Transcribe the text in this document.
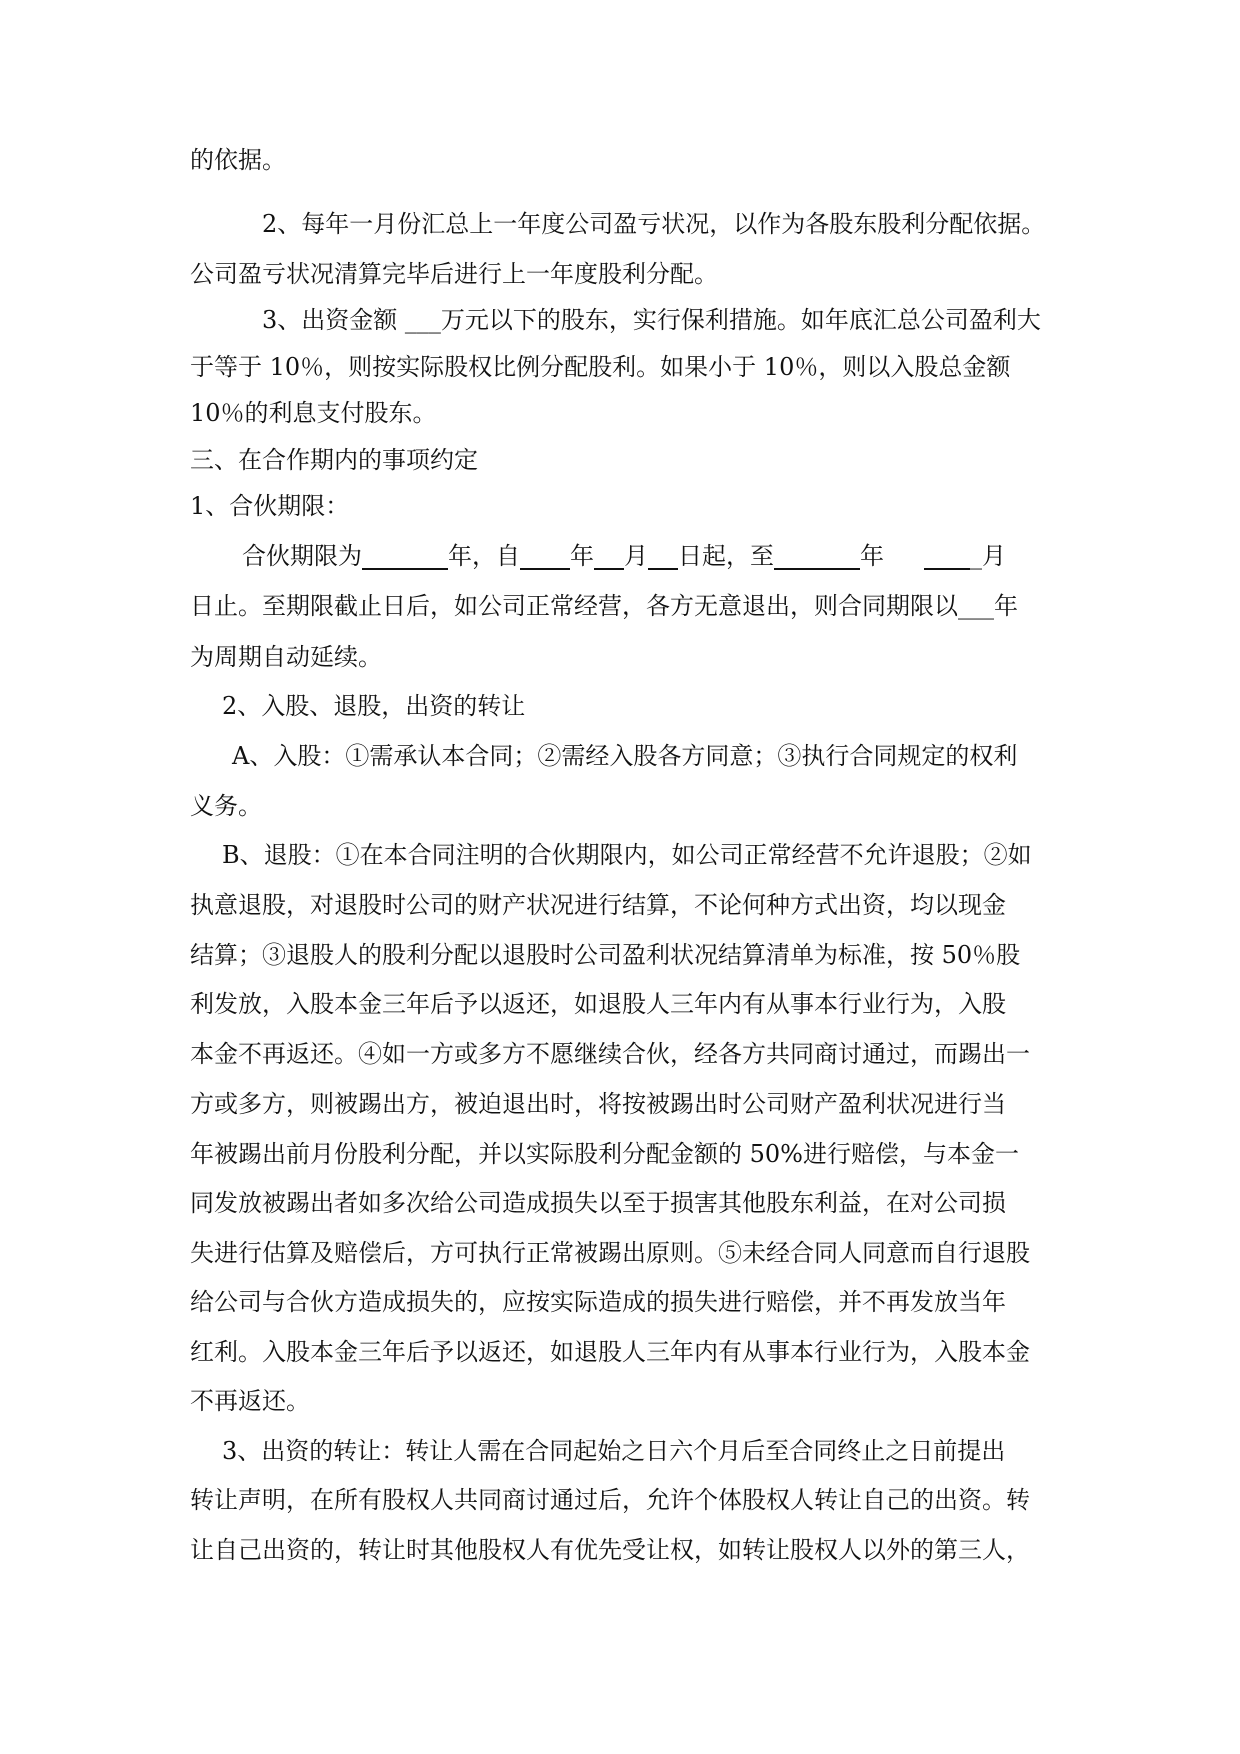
的依据。
2、每年一月份汇总上一年度公司盈亏状况，以作为各股东股利分配依据。
公司盈亏状况清算完毕后进行上一年度股利分配。
3、出资金额 ___万元以下的股东，实行保利措施。如年底汇总公司盈利大
于等于 10％，则按实际股权比例分配股利。如果小于 10％，则以入股总金额
10％的利息支付股东。
三、在合作期内的事项约定
1、合伙期限：
合伙期限为	年，自 年 月 日起，至	年	_月
日止。至期限截止日后，如公司正常经营，各方无意退出，则合同期限以___年
为周期自动延续。
2、入股、退股，出资的转让
A、入股：①需承认本合同；②需经入股各方同意；③执行合同规定的权利
义务。
B、退股：①在本合同注明的合伙期限内，如公司正常经营不允许退股；②如
执意退股，对退股时公司的财产状况进行结算，不论何种方式出资，均以现金
结算；③退股人的股利分配以退股时公司盈利状况结算清单为标准，按 50％股
利发放，入股本金三年后予以返还，如退股人三年内有从事本行业行为，入股
本金不再返还。④如一方或多方不愿继续合伙，经各方共同商讨通过，而踢出一
方或多方，则被踢出方，被迫退出时，将按被踢出时公司财产盈利状况进行当
年被踢出前月份股利分配，并以实际股利分配金额的 50%进行赔偿，与本金一
同发放被踢出者如多次给公司造成损失以至于损害其他股东利益，在对公司损
失进行估算及赔偿后，方可执行正常被踢出原则。⑤未经合同人同意而自行退股
给公司与合伙方造成损失的，应按实际造成的损失进行赔偿，并不再发放当年
红利。入股本金三年后予以返还，如退股人三年内有从事本行业行为，入股本金
不再返还。
3、出资的转让：转让人需在合同起始之日六个月后至合同终止之日前提出
转让声明，在所有股权人共同商讨通过后，允许个体股权人转让自己的出资。转
让自己出资的，转让时其他股权人有优先受让权，如转让股权人以外的第三人，
